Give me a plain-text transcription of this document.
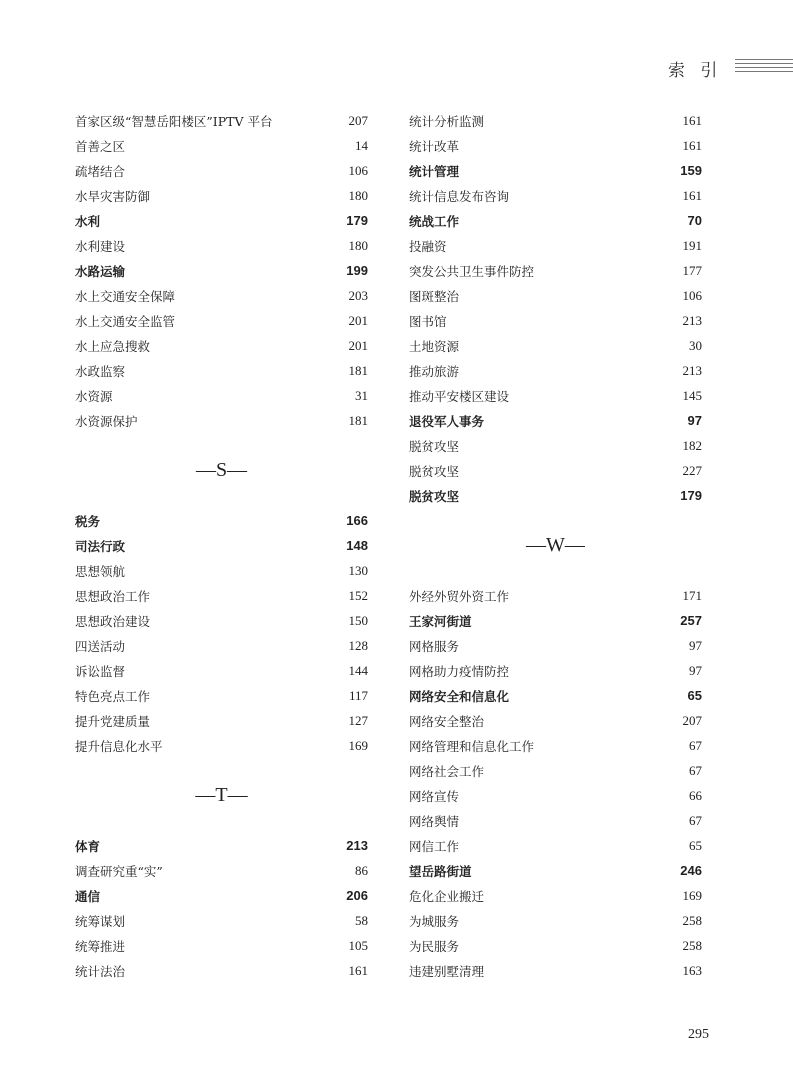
索 引
首家区级“智慧岳阳楼区”IPTV 平台	207
首善之区	14
疏堵结合	106
水旱灾害防御	180
水利	179
水利建设	180
水路运输	199
水上交通安全保障	203
水上交通安全监管	201
水上应急搜救	201
水政监察	181
水资源	31
水资源保护	181
—S—
税务	166
司法行政	148
思想领航	130
思想政治工作	152
思想政治建设	150
四送活动	128
诉讼监督	144
特色亮点工作	117
提升党建质量	127
提升信息化水平	169
—T—
体育	213
调查研究重“实”	86
通信	206
统筹谋划	58
统筹推进	105
统计法治	161
统计分析监测	161
统计改革	161
统计管理	159
统计信息发布咨询	161
统战工作	70
投融资	191
突发公共卫生事件防控	177
图斑整治	106
图书馆	213
土地资源	30
推动旅游	213
推动平安楼区建设	145
退役军人事务	97
脱贫攻坚	182
脱贫攻坚	227
脱贫攻坚	179
—W—
外经外贸外资工作	171
王家河街道	257
网格服务	97
网格助力疫情防控	97
网络安全和信息化	65
网络安全整治	207
网络管理和信息化工作	67
网络社会工作	67
网络宣传	66
网络舆情	67
网信工作	65
望岳路街道	246
危化企业搬迁	169
为城服务	258
为民服务	258
违建别墅清理	163
295
